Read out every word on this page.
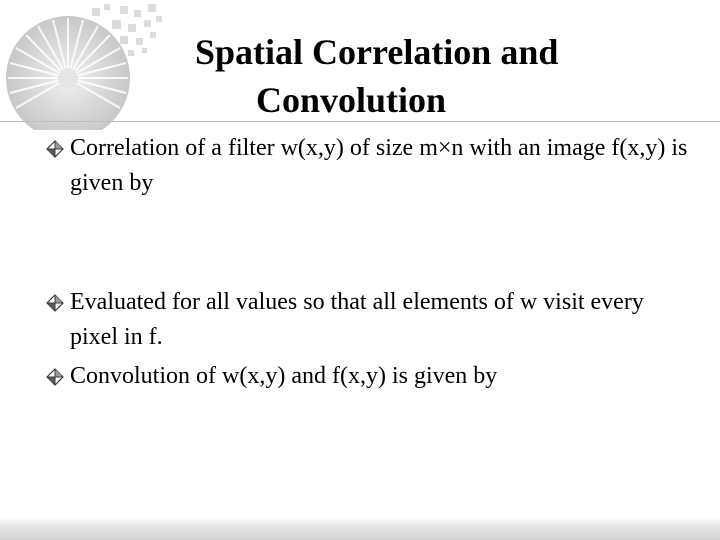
Spatial Correlation and
Convolution
Correlation of a filter w(x,y) of size m×n with an image f(x,y) is given by
Evaluated for all values so that all elements of w visit every pixel in f.
Convolution of w(x,y) and f(x,y) is given by
